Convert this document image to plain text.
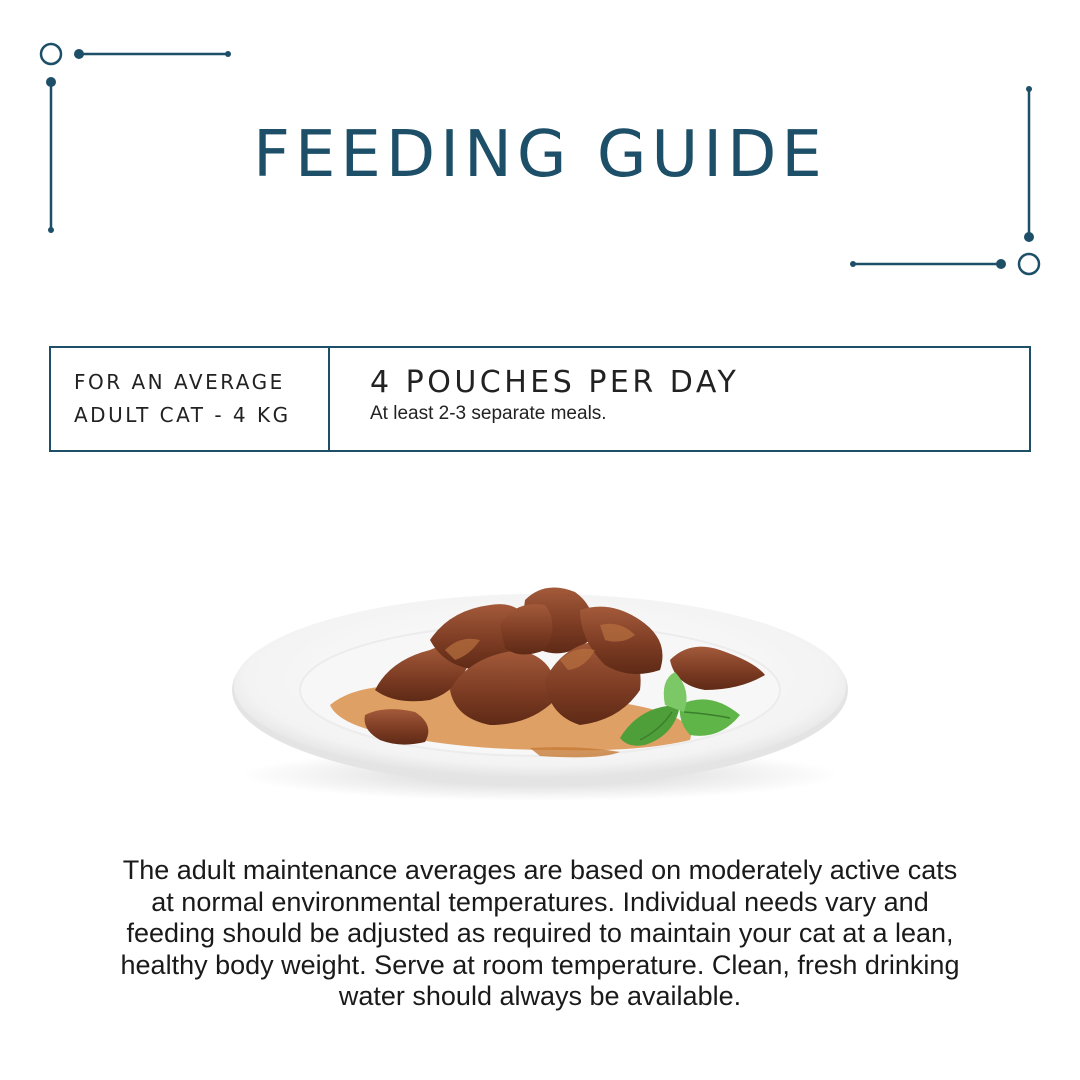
FEEDING GUIDE
FOR AN AVERAGE
ADULT CAT - 4 KG
4 POUCHES PER DAY
At least 2-3 separate meals.

The adult maintenance averages are based on moderately active cats at normal environmental temperatures. Individual needs vary and feeding should be adjusted as required to maintain your cat at a lean, healthy body weight. Serve at room temperature. Clean, fresh drinking water should always be available.
